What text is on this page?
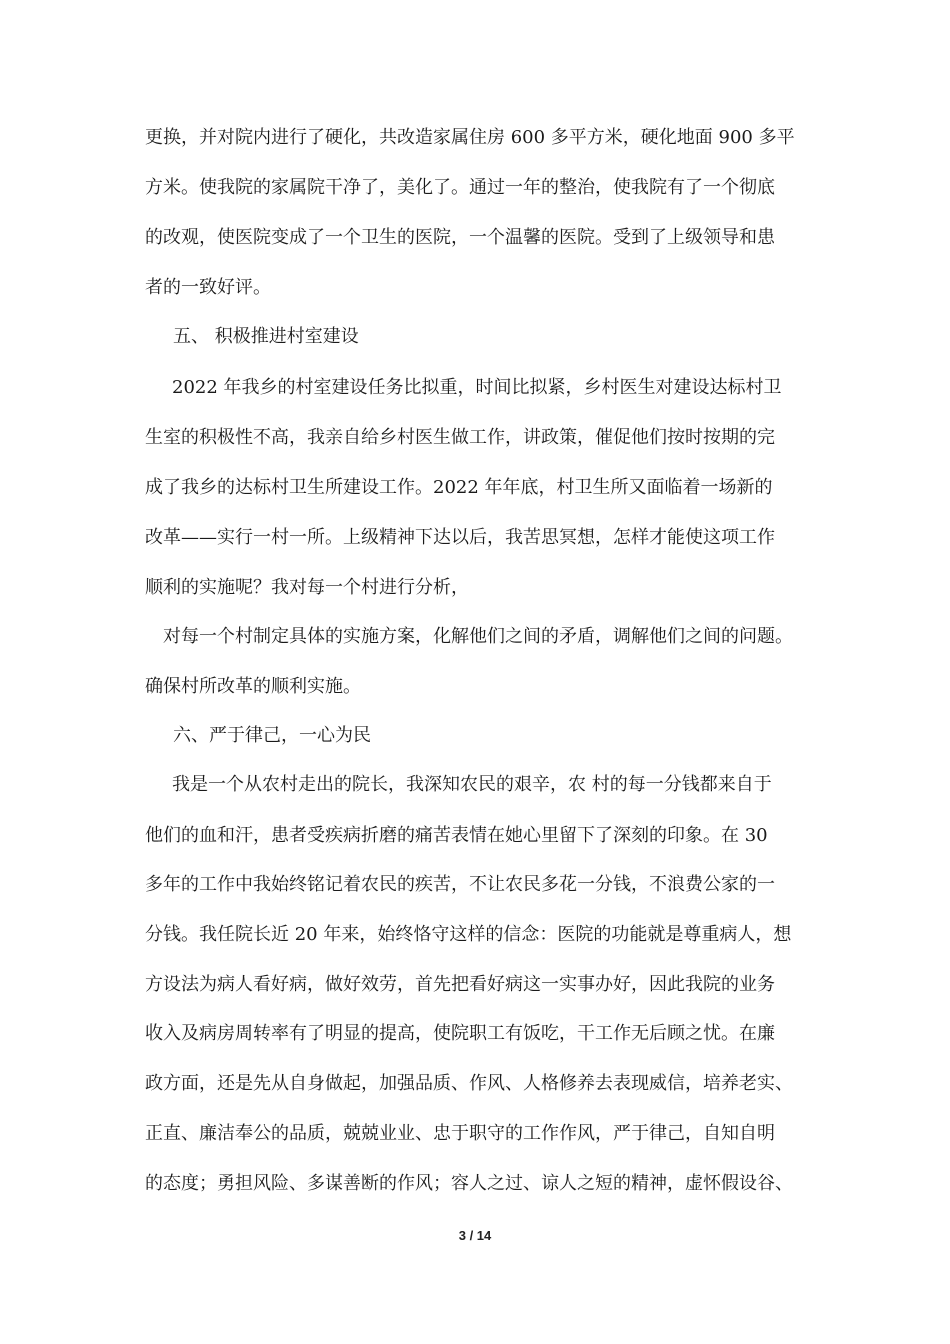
更换，并对院内进行了硬化，共改造家属住房 600 多平方米，硬化地面 900 多平
方米。使我院的家属院干净了，美化了。通过一年的整治，使我院有了一个彻底
的改观，使医院变成了一个卫生的医院，一个温馨的医院。受到了上级领导和患
者的一致好评。
五、 积极推进村室建设
2022 年我乡的村室建设任务比拟重，时间比拟紧，乡村医生对建设达标村卫
生室的积极性不高，我亲自给乡村医生做工作，讲政策，催促他们按时按期的完
成了我乡的达标村卫生所建设工作。2022 年年底，村卫生所又面临着一场新的
改革——实行一村一所。上级精神下达以后，我苦思冥想，怎样才能使这项工作
顺利的实施呢？我对每一个村进行分析，
对每一个村制定具体的实施方案，化解他们之间的矛盾，调解他们之间的问题。
确保村所改革的顺利实施。
六、严于律己，一心为民
我是一个从农村走出的院长，我深知农民的艰辛，农 村的每一分钱都来自于
他们的血和汗，患者受疾病折磨的痛苦表情在她心里留下了深刻的印象。在 30
多年的工作中我始终铭记着农民的疾苦，不让农民多花一分钱，不浪费公家的一
分钱。我任院长近 20 年来，始终恪守这样的信念：医院的功能就是尊重病人，想
方设法为病人看好病，做好效劳，首先把看好病这一实事办好，因此我院的业务
收入及病房周转率有了明显的提高，使院职工有饭吃，干工作无后顾之忧。在廉
政方面，还是先从自身做起，加强品质、作风、人格修养去表现威信，培养老实、
正直、廉洁奉公的品质，兢兢业业、忠于职守的工作作风，严于律己，自知自明
的态度；勇担风险、多谋善断的作风；容人之过、谅人之短的精神，虚怀假设谷、
3 / 14
